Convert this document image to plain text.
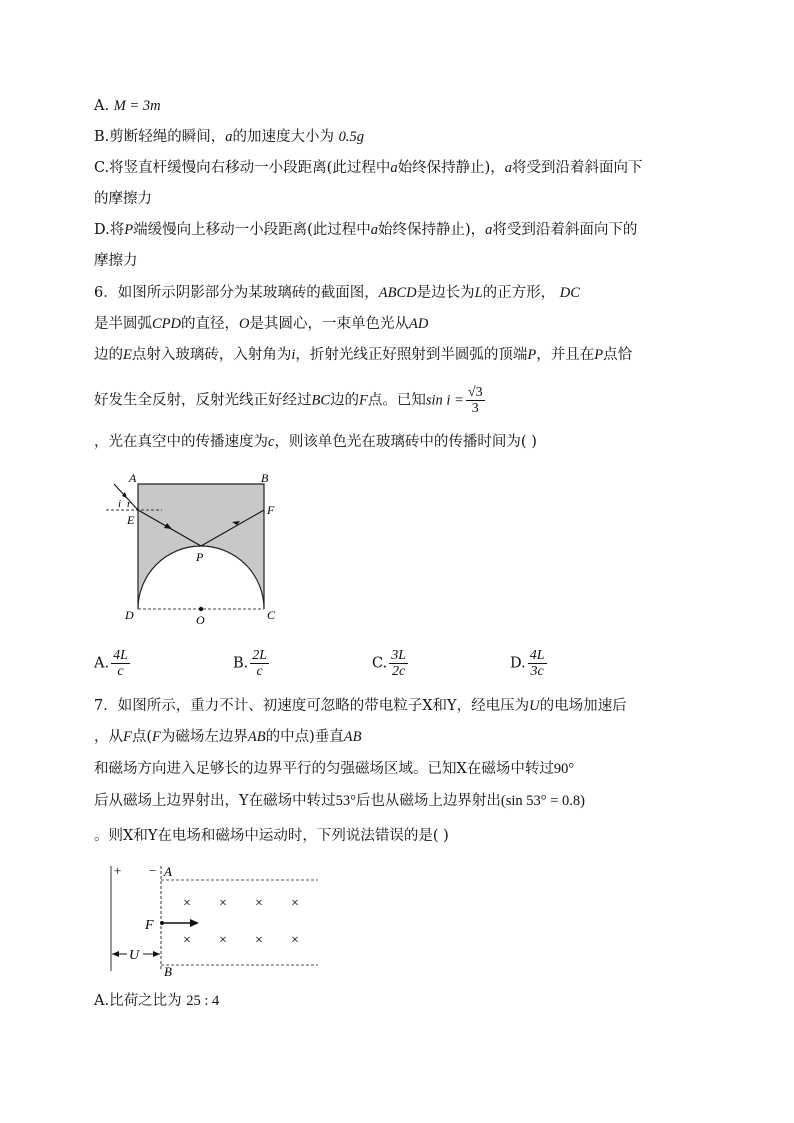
A. M = 3m
B.剪断轻绳的瞬间，a的加速度大小为 0.5g
C.将竖直杆缓慢向右移动一小段距离(此过程中a始终保持静止)，a将受到沿着斜面向下
的摩擦力
D.将P端缓慢向上移动一小段距离(此过程中a始终保持静止)，a将受到沿着斜面向下的
摩擦力
6．如图所示阴影部分为某玻璃砖的截面图，ABCD是边长为L的正方形， DC
是半圆弧CPD的直径，O是其圆心，一束单色光从AD
边的E点射入玻璃砖，入射角为i，折射光线正好照射到半圆弧的顶端P，并且在P点恰
好发生全反射，反射光线正好经过BC边的F点。已知$\sin i = \frac{√3}{3}$
，光在真空中的传播速度为c，则该单色光在玻璃砖中的传播时间为( )
A	B
C
D
E
F
P
O
i r
A. $\frac{4L}{c}$	B. $\frac{2L}{c}$	C. $\frac{3L}{2c}$	D. $\frac{4L}{3c}$
7．如图所示，重力不计、初速度可忽略的带电粒子X和Y，经电压为U的电场加速后
，从F点(F为磁场左边界AB的中点)垂直AB
和磁场方向进入足够长的边界平行的匀强磁场区域。已知X在磁场中转过90°
后从磁场上边界射出，Y在磁场中转过53°后也从磁场上边界射出(sin 53° = 0.8)
。则X和Y在电场和磁场中运动时，下列说法错误的是( )
+ − A
B
F
U
× × × ×
× × × ×
A.比荷之比为 25 : 4
